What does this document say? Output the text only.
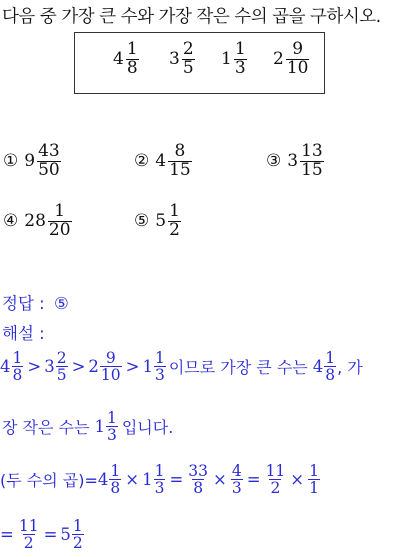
다음 중 가장 큰 수와 가장 작은 수의 곱을 구하시오.
$4 \frac{1}{8} 3 \frac{2}{5} 1 \frac{1}{3} 2 \frac{9}{10}$
① $9 \frac{43}{50}$	② $4 \frac{8}{15}$	③ $3 \frac{13}{15}$
④ $28 \frac{1}{20}$	⑤ $5 \frac{1}{2}$
정답 : ⑤
해설 :
$4 \frac{1}{8} > 3 \frac{2}{5} > 2 \frac{9}{10} > 1 \frac{1}{3}$ 이므로 가장 큰 수는 $4 \frac{1}{8}$ , 가
장 작은 수는 $1 \frac{1}{3}$ 입니다.
(두 수의 곱)= $4 \frac{1}{8} \times 1 \frac{1}{3} = \frac{33}{8} \times \frac{4}{3} = \frac{11}{2} \times \frac{1}{1}$
= $\frac{11}{2} = 5 \frac{1}{2}$
